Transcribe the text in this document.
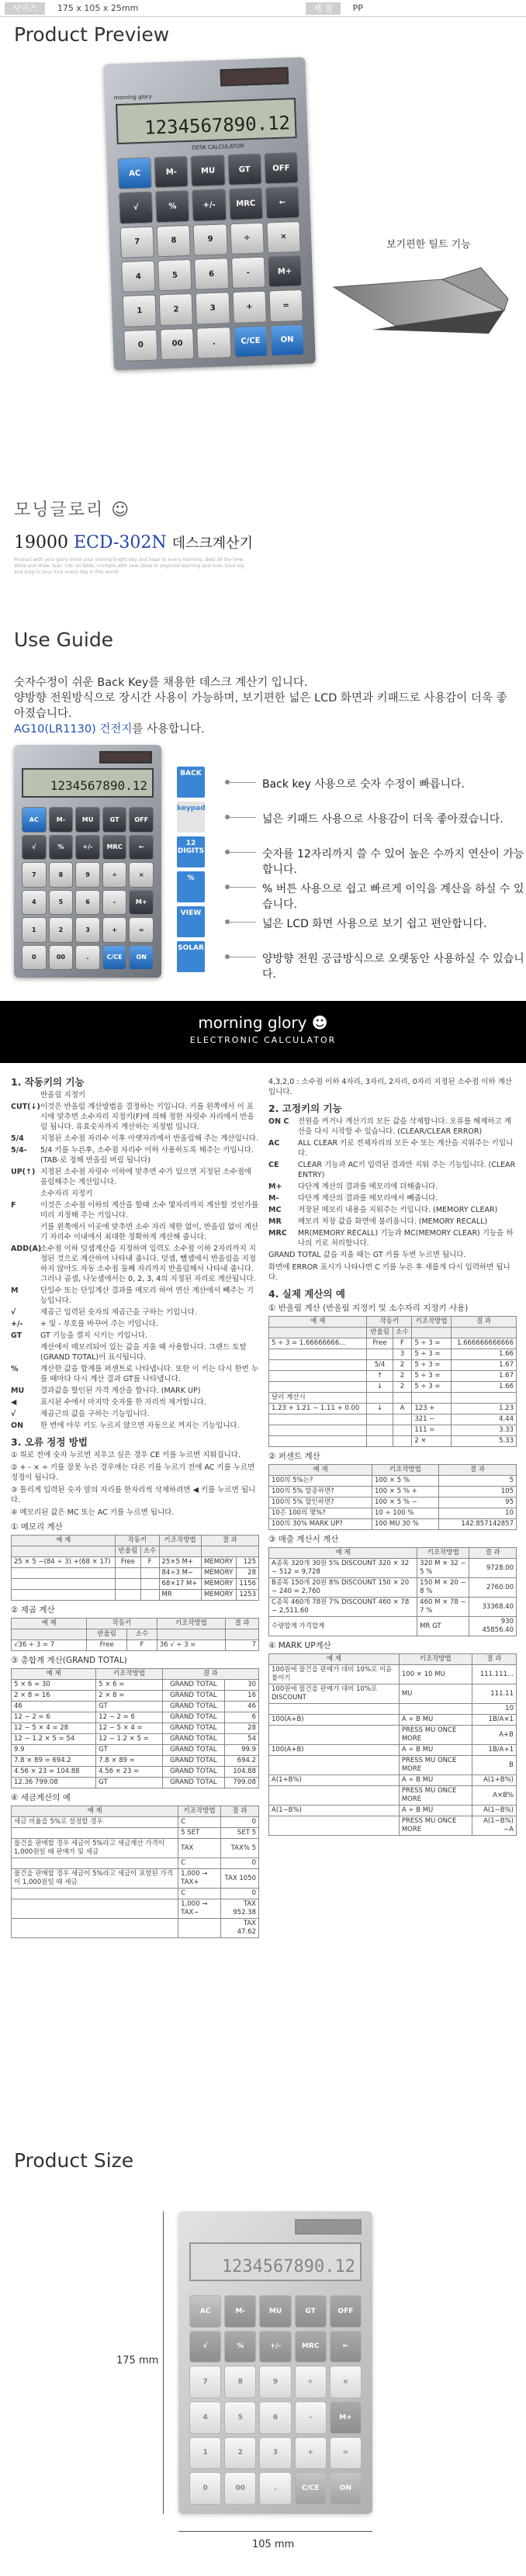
사이즈	175 x 105 x 25mm	재 질	PP
Product Preview
morning glory
1234567890.12
DESK CALCULATOR
AC	M-	MU	GT	OFF
√	%	+/-	MRC	←
7	8	9	÷	×
4	5	6	-	M+
1	2	3	+	=
0	00	.	C/CE	ON
보기편한 틸트 기능
모닝글로리 ☺
19000 ECD-302N 데스크계산기
Product with your glory mind your shining bright day and hope to every morning. Best all the time. Write and draw, tear, rub, scribble, crumple with new ideas to organize learning and love. Give big and long to your luck every day in this world.
Use Guide
숫자수정이 쉬운 Back Key를 채용한 데스크 계산기 입니다.
양방향 전원방식으로 장시간 사용이 가능하며, 보기편한 넓은 LCD 화면과 키패드로 사용감이 더욱 좋아졌습니다.
AG10(LR1130) 건전지를 사용합니다.
1234567890.12
AC	M-	MU	GT	OFF
√	%	+/-	MRC	←
7	8	9	÷	×
4	5	6	-	M+
1	2	3	+	=
0	00	.	C/CE	ON
BACK
Back key 사용으로 숫자 수정이 빠릅니다.
keypad
넓은 키패드 사용으로 사용감이 더욱 좋아졌습니다.
12 DIGITS	숫자를 12자리까지 쓸 수 있어 높은 수까지 연산이 가능합니다.
%
% 버튼 사용으로 쉽고 빠르게 이익을 계산을 하실 수 있습니다.
VIEW
넓은 LCD 화면 사용으로 보기 쉽고 편안합니다.
SOLAR
양방향 전원 공급방식으로 오랫동안 사용하실 수 있습니다.
morning glory ☻
ELECTRONIC CALCULATOR
1. 작동키의 기능
반올림 지정키
CUT(↓) 이것은 반올림 계산방법을 결정하는 키입니다. 키를 왼쪽에서 이 표시에 맞추면 소수자리 지정키(F)에 의해 정한 자릿수 자리에서 반올림 됩니다. 유효숫자까지 계산하는 지정법 입니다.
5/4	지정된 소수점 자리수 이후 아랫자리에서 반올림해 주는 계산입니다.
5/4-	5/4 키를 누른후, 소수점 자리수 이하 사용하도록 해주는 키입니다.(TAB-로 정해 반올림 버림 됩니다)
UP(↑) 지정된 소수점 자릿수 이하에 맞추면 수가 있으면 지정된 소수점에 올림해주는 계산입니다.
소수자리 지정키
F	이것은 소수점 이하의 계산을 할때 소수 몇자리까지 계산할 것인가를 미리 지정해 주는 키입니다.
키를 왼쪽에서 이곳에 맞추면 소수 자리 제한 없이, 반올림 없이 계산기 자리수 이내에서 최대한 정확하게 계산해 줍니다.
ADD(A)
소수점 이하 덧셈계산을 지정하며 입력도 소수점 이하 2자리까지 지정된 것으로 계산하여 나타내 줍니다. 덧셈, 뺄셈에서 반올림을 지정하지 않아도 자동 소수점 둘째 자리까지 반올림해서 나타내 줍니다. 그러나 곱셈, 나눗셈에서는 0, 2, 3, 4의 지정된 자리로 계산됩니다.
M	단일수 또는 단일계산 결과를 메모리 하여 연산 계산에서 빼주는 기능입니다.
√	제곱근 입력된 숫자의 제곱근을 구하는 키입니다.
+/-	+ 및 - 부호를 바꾸어 주는 키입니다.
GT	GT 기능을 켤지 시키는 키입니다.
계산에서 메모리되어 있는 값을 지울 때 사용합니다. 그랜드 토탈(GRAND TOTAL)이 표시됩니다.
%	계산한 값을 합계를 퍼센트로 나타냅니다. 또한 이 키는 다시 한번 누를 때마다 다시 계산 결과 GT를 나타냅니다.
MU	결과값을 할인된 가격 계산을 합니다. (MARK UP)
◀	표시된 수에서 마지막 숫자를 한 자리씩 제거합니다.
√	제곱근의 값을 구하는 기능입니다.
ON	한 번에 아무 키도 누르지 않으면 자동으로 꺼지는 기능입니다.
3. 오류 정정 방법
① 위로 전에 숫자 누르면 지우고 싶은 경우 CE 키를 누르면 지워집니다.
② + - × ÷ 키를 잘못 누른 경우에는 다른 키를 누르기 전에 AC 키를 누르면 정정이 됩니다.
③ 틀리게 입력된 숫자 앞의 자리를 한자리씩 삭제하려면 ◀ 키를 누르면 됩니다.
④ 메모리된 값은 MC 또는 AC 키를 누르면 됩니다.
① 메모리 계산
예 제	작동키		키조작방법	결 과	
	반올림	소수			
25 × 5 −(84 ÷ 3) +(68 × 17)	Free	F	25×5 M+	MEMORY	125
			84÷3 M−	MEMORY	28
			68×17 M+	MEMORY	1156
			MR	MEMORY	1253
② 제곱 계산
예 제	작동키		키조작방법	결 과
	반올림	소수		
√36 ÷ 3 = 7	Free	F	36 √ ÷ 3 =	7
③ 총합계 계산(GRAND TOTAL)
예 제	키조작방법	결 과	
5 × 6 = 30	5 × 6 =	GRAND TOTAL	30
2 × 8 = 16	2 × 8 =	GRAND TOTAL	16
46	GT	GRAND TOTAL	46
12 − 2 = 6	12 − 2 = 6	GRAND TOTAL	6
12 − 5 × 4 = 28	12 − 5 × 4 =	GRAND TOTAL	28
12 − 1.2 × 5 = 54	12 − 1.2 × 5 =	GRAND TOTAL	54
9.9	GT	GRAND TOTAL	99.9
7.8 × 89 = 694.2	7.8 × 89 =	GRAND TOTAL	694.2
4.56 × 23 = 104.88	4.56 × 23 =	GRAND TOTAL	104.88
12.36 799.08	GT	GRAND TOTAL	799.08
④ 세금계산의 예
예 제	키조작방법	결 과
세금 비율을 5%로 설정할 경우	C	0
	5 SET	SET 5
물건을 판매할 경우 세금이 5%라고 세금계산 가격이 1,000원일 때 판매가 및 세금	TAX	TAX% 5
	C	0
물건을 판매할 경우 세금이 5%라고 세금이 포함된 가격이 1,000원일 때 세금	1,000 → TAX+	TAX 1050
	C	0
	1,000 → TAX−	TAX 952.38
		TAX 47.62
4,3,2,0 : 소수점 이하 4자리, 3자리, 2자리, 0자리 지정된 소수점 이하 계산 입니다.
2. 고정키의 기능
ON C	전원을 켜거나 계산기의 모든 값을 삭제합니다. 오류를 해제하고 계산을 다시 시작할 수 있습니다. (CLEAR/CLEAR ERROR)
AC	ALL CLEAR 키로 전체자리의 모든 수 또는 계산을 지워주는 키입니다.
CE	CLEAR 기능과 AC키 입력된 결과만 지워 주는 기능입니다. (CLEAR ENTRY)
M+	다단계 계산의 결과를 메모리에 더해줍니다.
M-	다단계 계산의 결과를 메모리에서 빼줍니다.
MC	저장된 메모리 내용을 지워주는 키입니다. (MEMORY CLEAR)
MR	메모리 저장 값을 화면에 불러옵니다. (MEMORY RECALL)
MRC	MR(MEMORY RECALL) 기능과 MC(MEMORY CLEAR) 기능을 하나의 키로 처리합니다.
GRAND TOTAL 값을 지울 때는 GT 키를 두번 누르면 됩니다.
화면에 ERROR 표시가 나타나면 C 키를 누른 후 새롭게 다시 입력하면 됩니다.
4. 실제 계산의 예
① 반올림 계산 (반올림 지정키 및 소수자리 지정키 사용)
예 제	작동키		키조작방법	결 과
	반올림	소수		
5 ÷ 3 = 1.66666666...	Free	F	5 ÷ 3 =	1.666666666666
		3	5 ÷ 3 =	1.66
	5/4	2	5 ÷ 3 =	1.67
	↑	2	5 ÷ 3 =	1.67
	↓	2	5 ÷ 3 =	1.66
달러 계산시				
1.23 + 1.21 − 1.11 + 0.00	↓	A	123 +	1.23
			321 −	4.44
			111 =	3.33
			2 ×	5.33
② 퍼센트 계산
예 제	키조작방법	결 과
100의 5%는?	100 × 5 %	5
100의 5% 할증하면?	100 × 5 % +	105
100의 5% 할인하면?	100 × 5 % −	95
10은 100의 몇%?	10 ÷ 100 %	10
100의 30% MARK UP?	100 MU 30 %	142.857142857
③ 매출 계산서 계산
예 제	키조작방법	결 과
A종목 320개 30원 5% DISCOUNT 320 × 32 − 512 = 9,728	320 M × 32 − 5 %	9728.00
B종목 150개 20원 8% DISCOUNT 150 × 20 − 240 = 2,760	150 M × 20 − 8 %	2760.00
C종목 460개 78원 7% DISCOUNT 460 × 78 − 2,511.60	460 M × 78 − 7 %	33368.40
수량합계 가격합계	MR GT	930 45856.40
④ MARK UP계산
예 제	키조작방법	결 과
100원에 물건을 판매가 대비 10%로 이윤 붙이기	100 × 10 MU	111.111...
100원에 물건을 판매가 대비 10%로 DISCOUNT	MU	111.11
		10
100(A+B)	A ÷ B MU	1B/A×1
	PRESS MU ONCE MORE	A+B
100(A+B)	A ÷ B MU	1B/A+1
	PRESS MU ONCE MORE	B
A(1+B%)	A ÷ B MU	A(1+B%)
	PRESS MU ONCE MORE	A×B%
A(1−B%)	A ÷ B MU	A(1−B%)
	PRESS MU ONCE MORE	A(1−B%)−A
Product Size
1234567890.12
AC	M-	MU	GT	OFF
√	%	+/-	MRC	←
7	8	9	÷	×
4	5	6	-	M+
1	2	3	+	=
0	00	.	C/CE	ON
175 mm
105 mm
